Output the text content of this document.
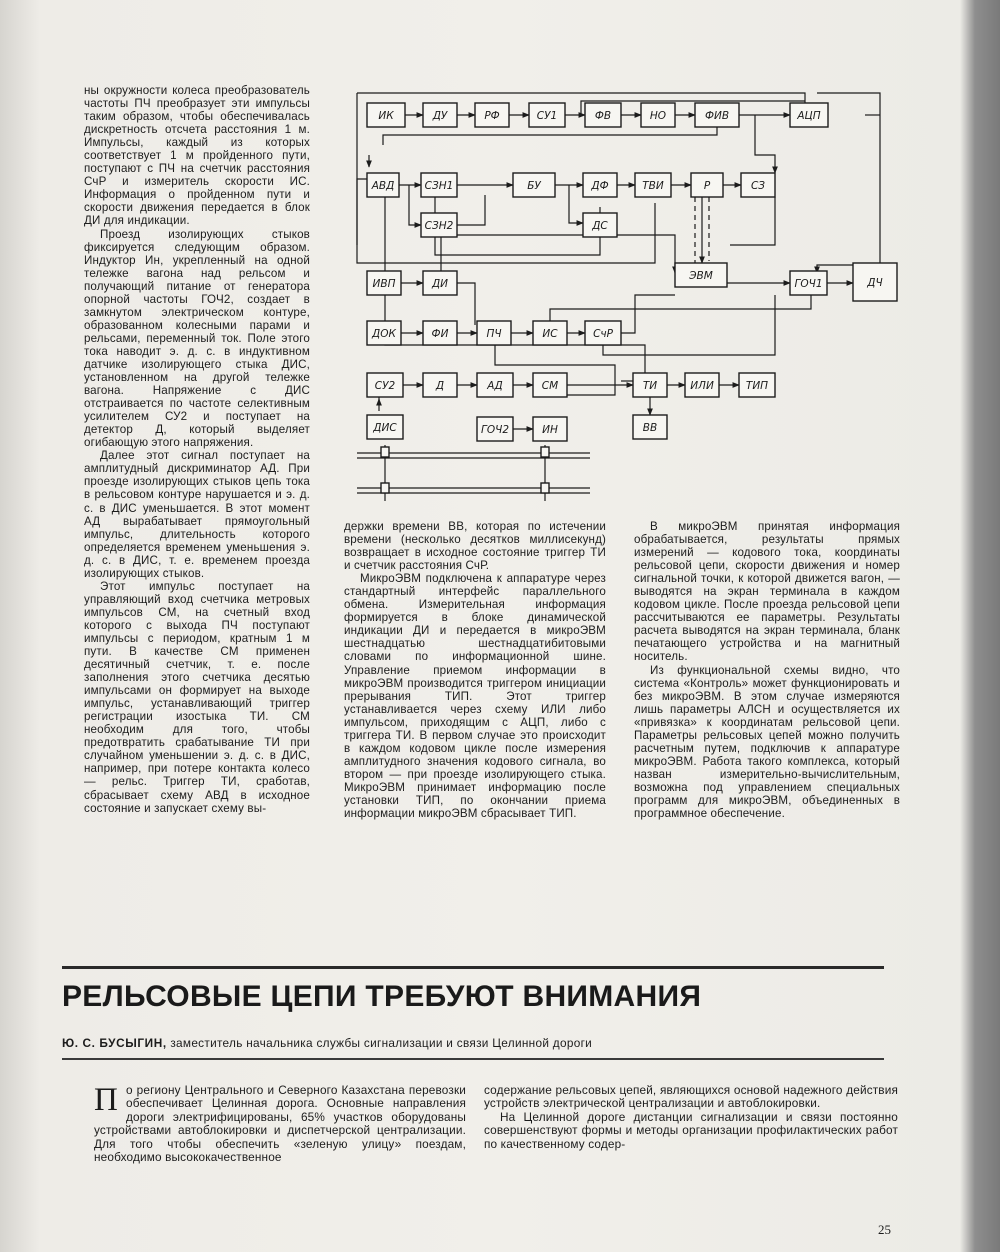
ны окружности колеса преобразователь частоты ПЧ преобразует эти импульсы таким образом, чтобы обеспечивалась дискретность отсчета расстояния 1 м. Импульсы, каждый из которых соответствует 1 м пройденного пути, поступают с ПЧ на счетчик расстояния СчР и измеритель скорости ИС. Информация о пройденном пути и скорости движения передается в блок ДИ для индикации.

Проезд изолирующих стыков фиксируется следующим образом. Индуктор Ин, укрепленный на одной тележке вагона над рельсом и получающий питание от генератора опорной частоты ГОЧ2, создает в замкнутом электрическом контуре, образованном колесными парами и рельсами, переменный ток. Поле этого тока наводит э. д. с. в индуктивном датчике изолирующего стыка ДИС, установленном на другой тележке вагона. Напряжение с ДИС отстраивается по частоте селективным усилителем СУ2 и поступает на детектор Д, который выделяет огибающую этого напряжения.

Далее этот сигнал поступает на амплитудный дискриминатор АД. При проезде изолирующих стыков цепь тока в рельсовом контуре нарушается и э. д. с. в ДИС уменьшается. В этот момент АД вырабатывает прямоугольный импульс, длительность которого определяется временем уменьшения э. д. с. в ДИС, т. е. временем проезда изолирующих стыков.

Этот импульс поступает на управляющий вход счетчика метровых импульсов СМ, на счетный вход которого с выхода ПЧ поступают импульсы с периодом, кратным 1 м пути. В качестве СМ применен десятичный счетчик, т. е. после заполнения этого счетчика десятью импульсами он формирует на выходе импульс, устанавливающий триггер регистрации изостыка ТИ. СМ необходим для того, чтобы предотвратить срабатывание ТИ при случайном уменьшении э. д. с. в ДИС, например, при потере контакта колесо — рельс. Триггер ТИ, сработав, сбрасывает схему АВД в исходное состояние и запускает схему вы-

ИК	ДУ	РФ	СУ1	ФВ	НО	ФИВ	АЦП
АВД	СЗН1
СЗН2
БУ	ДФ
ДС
ТВИ	Р	СЗ
ИВП	ДИ
ЭВМ
ГОЧ1	ДЧ
ДОК	ФИ	ПЧ	ИС	СчР
СУ2	Д	АД	СМ	ТИ	ИЛИ	ТИП
ДИС	ГОЧ2	ИН	ВВ

держки времени ВВ, которая по истечении времени (несколько десятков миллисекунд) возвращает в исходное состояние триггер ТИ и счетчик расстояния СчР.

МикроЭВМ подключена к аппаратуре через стандартный интерфейс параллельного обмена. Измерительная информация формируется в блоке динамической индикации ДИ и передается в микроЭВМ шестнадцатью шестнадцатибитовыми словами по информационной шине. Управление приемом информации в микроЭВМ производится триггером инициации прерывания ТИП. Этот триггер устанавливается через схему ИЛИ либо импульсом, приходящим с АЦП, либо с триггера ТИ. В первом случае это происходит в каждом кодовом цикле после измерения амплитудного значения кодового сигнала, во втором — при проезде изолирующего стыка. МикроЭВМ принимает информацию после установки ТИП, по окончании приема информации микроЭВМ сбрасывает ТИП.

В микроЭВМ принятая информация обрабатывается, результаты прямых измерений — кодового тока, координаты рельсовой цепи, скорости движения и номер сигнальной точки, к которой движется вагон, — выводятся на экран терминала в каждом кодовом цикле. После проезда рельсовой цепи рассчитываются ее параметры. Результаты расчета выводятся на экран терминала, бланк печатающего устройства и на магнитный носитель.

Из функциональной схемы видно, что система «Контроль» может функционировать и без микроЭВМ. В этом случае измеряются лишь параметры АЛСН и осуществляется их «привязка» к координатам рельсовой цепи. Параметры рельсовых цепей можно получить расчетным путем, подключив к аппаратуре микроЭВМ. Работа такого комплекса, который назван измерительно-вычислительным, возможна под управлением специальных программ для микроЭВМ, объединенных в программное обеспечение.

РЕЛЬСОВЫЕ ЦЕПИ ТРЕБУЮТ ВНИМАНИЯ
Ю. С. БУСЫГИН, заместитель начальника службы сигнализации и связи Целинной дороги
П о региону Центрального и Северного Казахстана перевозки обеспечивает Целинная дорога. Основные направления дороги электрифицированы, 65% участков оборудованы устройствами автоблокировки и диспетчерской централизации. Для того чтобы обеспечить «зеленую улицу» поездам, необходимо высококачественное

содержание рельсовых цепей, являющихся основой надежного действия устройств электрической централизации и автоблокировки.

На Целинной дороге дистанции сигнализации и связи постоянно совершенствуют формы и методы организации профилактических работ по качественному содер-

25
